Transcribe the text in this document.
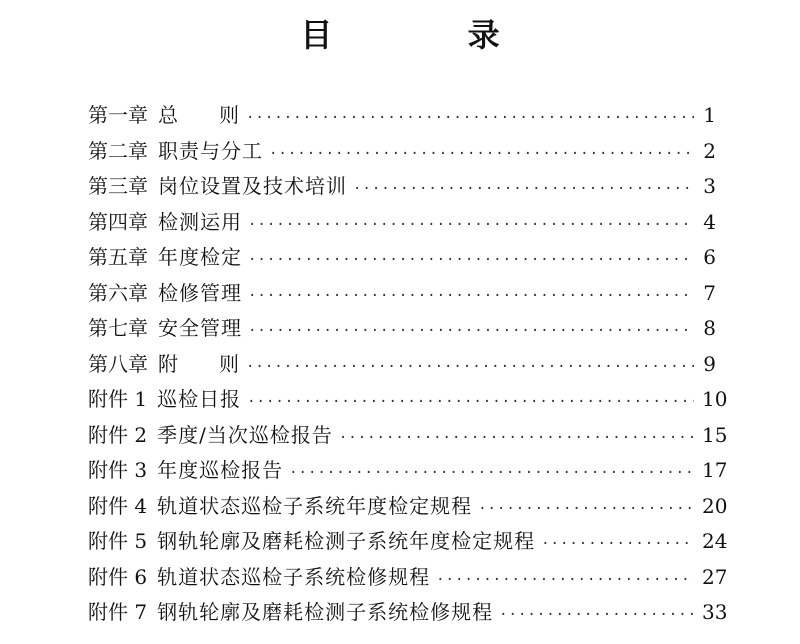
目 录
第一章 总 则 ·····	1
第二章 职责与分工 ·····	2
第三章 岗位设置及技术培训 ·····	3
第四章 检测运用 ·····	4
第五章 年度检定 ·····	6
第六章 检修管理 ·····	7
第七章 安全管理 ·····	8
第八章 附 则 ·····	9
附件 1 巡检日报 ·····	10
附件 2 季度/当次巡检报告 ·····	15
附件 3 年度巡检报告 ·····	17
附件 4 轨道状态巡检子系统年度检定规程 ·····	20
附件 5 钢轨轮廓及磨耗检测子系统年度检定规程 ·····	24
附件 6 轨道状态巡检子系统检修规程 ·····	27
附件 7 钢轨轮廓及磨耗检测子系统检修规程 ·····	33
